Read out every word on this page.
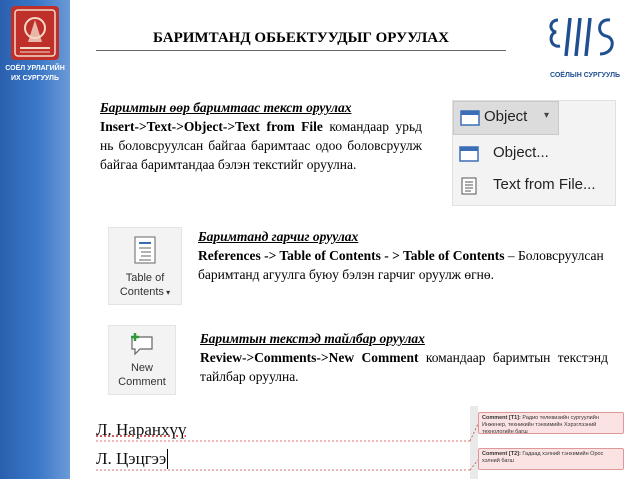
СОЁЛ УРЛАГИЙН
ИХ СУРГУУЛЬ
БАРИМТАНД ОБЬЕКТУУДЫГ ОРУУЛАХ
СОЁЛЫН СУРГУУЛЬ
Баримтын өөр баримтаас текст оруулах
Insert->Text->Object->Text from File командаар урьд нь боловсруулсан байгаа баримтаас одоо боловсруулж байгаа баримтандаа бэлэн текстийг оруулна.
Object ▾
Object...
Text from File...
Table of
Contents ▾
Баримтанд гарчиг оруулах
References -> Table of Contents - > Table of Contents – Боловсруулсан баримтанд агуулга буюу бэлэн гарчиг оруулж өгнө.
New
Comment
Баримтын текстэд тайлбар оруулах
Review->Comments->New Comment командаар баримтын текстэнд тайлбар оруулна.
Л. Наранхүү
Л. Цэцгээ
Comment [T1]: Радио телевизийн сургуулийн Инженер, техникийн тэнхимийн Хэрэглээний технологийн багш
Comment [T2]: Гадаад хэлний тэнхимийн Орос хэлний багш
